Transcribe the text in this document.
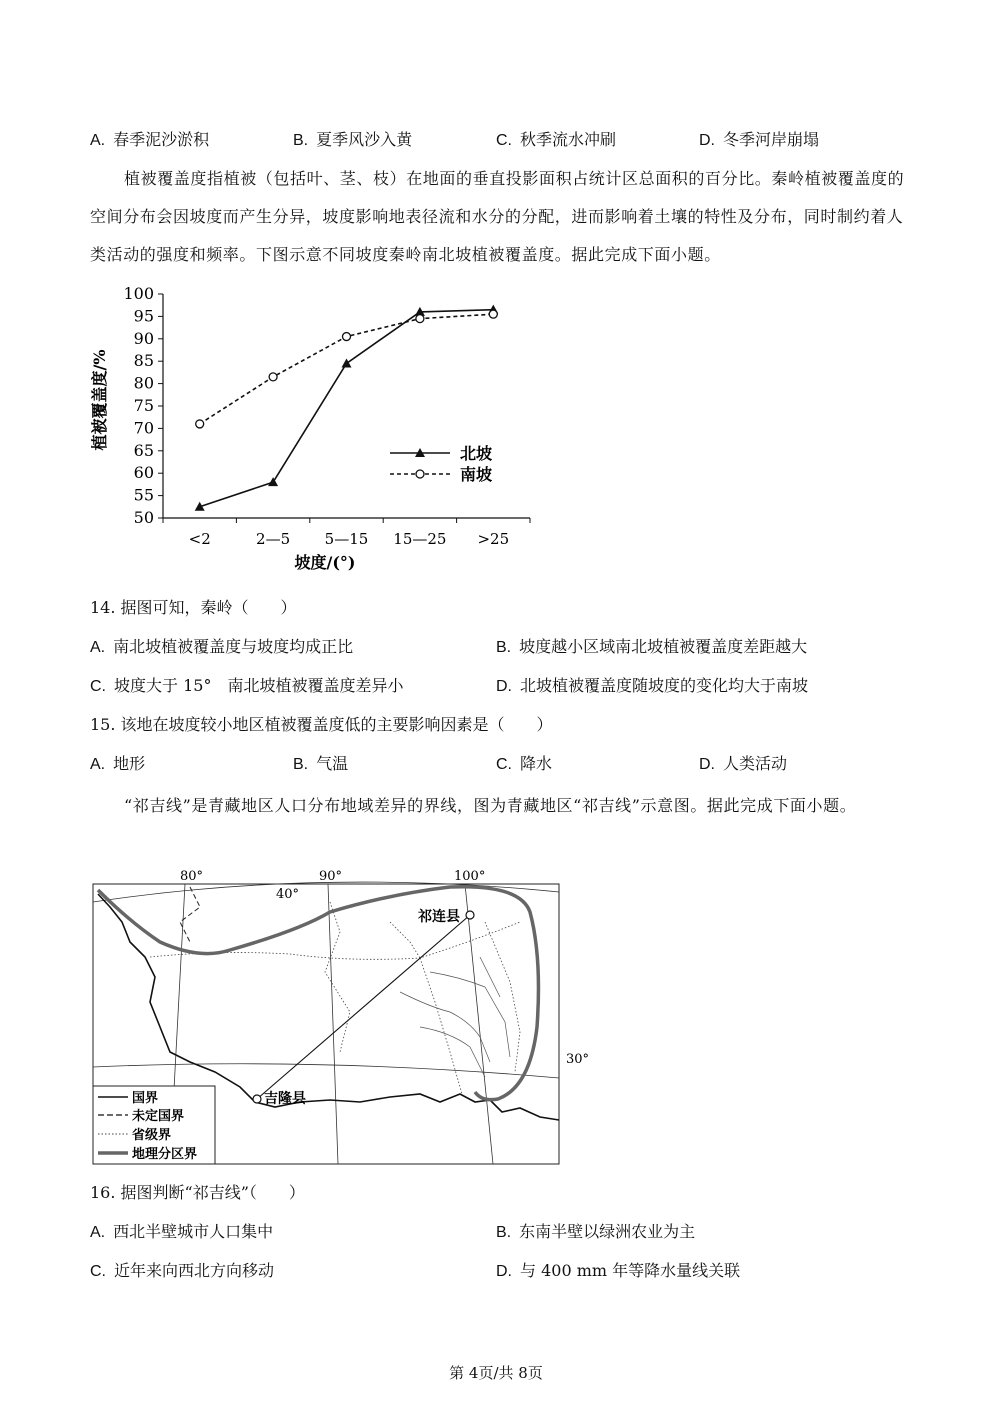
A. 春季泥沙淤积	B. 夏季风沙入黄	C. 秋季流水冲刷	D. 冬季河岸崩塌
植被覆盖度指植被（包括叶、茎、枝）在地面的垂直投影面积占统计区总面积的百分比。秦岭植被覆盖度的空间分布会因坡度而产生分异，坡度影响地表径流和水分的分配，进而影响着土壤的特性及分布，同时制约着人类活动的强度和频率。下图示意不同坡度秦岭南北坡植被覆盖度。据此完成下面小题。
50
55
60
65
70
75
80
85
90
95
100
<2	2—5 5—15 15—25 >25
植被覆盖度/%
坡度/(°)
北坡
南坡
14. 据图可知，秦岭（　　）
A. 南北坡植被覆盖度与坡度均成正比	B. 坡度越小区域南北坡植被覆盖度差距越大
C. 坡度大于 15°　南北坡植被覆盖度差异小	D. 北坡植被覆盖度随坡度的变化均大于南坡
15. 该地在坡度较小地区植被覆盖度低的主要影响因素是（　　）
A. 地形	B. 气温	C. 降水	D. 人类活动
“祁吉线”是青藏地区人口分布地域差异的界线，图为青藏地区“祁吉线”示意图。据此完成下面小题。
祁连县
吉隆县
80°	90°	100°
40°
30°
国界
未定国界
省级界
地理分区界
16. 据图判断“祁吉线”（　　）
A. 西北半壁城市人口集中	B. 东南半壁以绿洲农业为主
C. 近年来向西北方向移动	D. 与 400 mm 年等降水量线关联
第 4页/共 8页
